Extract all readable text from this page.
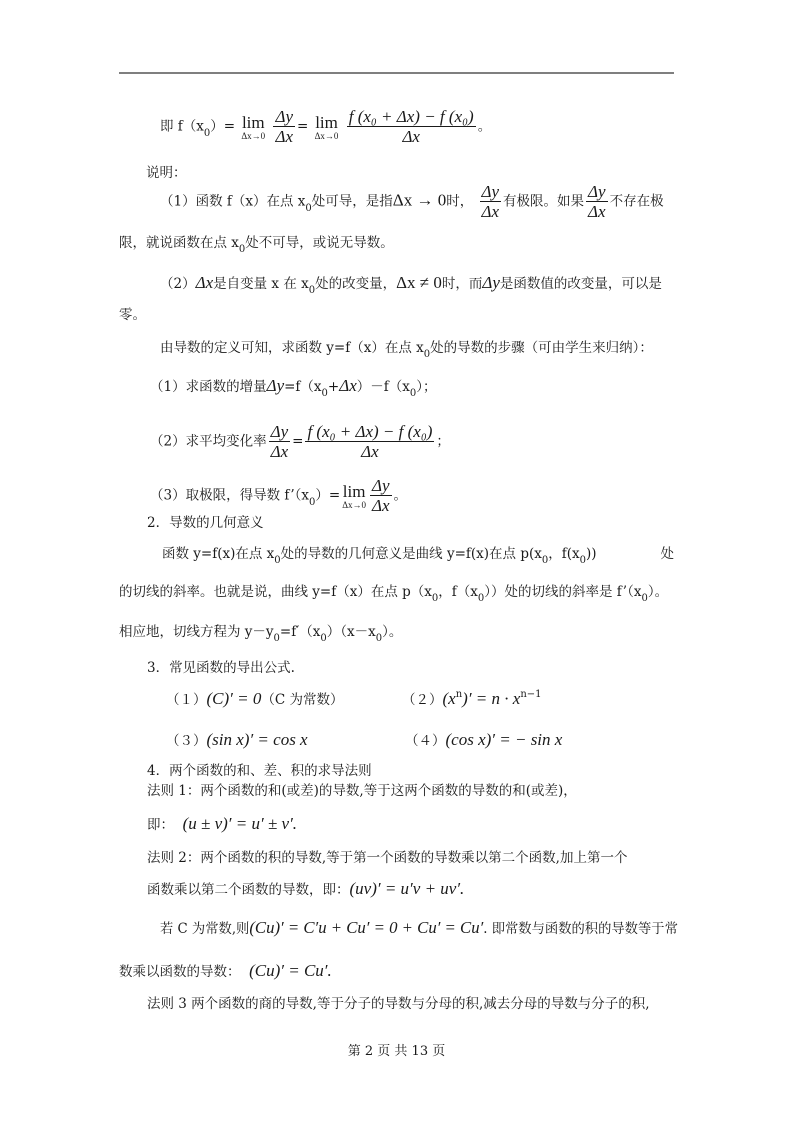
即 $f(x_0)= \lim$
Δx→0
$\frac{\Delta y}{\Delta x} = \lim$
Δx→0
$\frac{\text{f (x₀ + Δx) − f (x₀)}}{\Delta x}$ 。
说明：
（1）函数 f（x）在点 $x_0$处可导，是指Δx → 0时， $\frac{\Delta y}{\Delta x}$ 有极限。如果 $\frac{\Delta y}{\Delta x}$ 不存在极
限，就说函数在点 $x_0$处不可导，或说无导数。
（2）Δx是自变量 x 在 $x_0$处的改变量，Δx ≠ 0时，而Δy是函数值的改变量，可以是
零。
由导数的定义可知，求函数 y=f（x）在点 $x_0$处的导数的步骤（可由学生来归纳）：
（1）求函数的增量$\Delta y=f(x_0+\Delta x)-f(x_0)$；
（2）求平均变化率 $\frac{\Delta y}{\Delta x} = \frac{\text{f (x₀ + Δx) − f (x₀)}}{\Delta x}$ ；
（3）取极限，得导数 $f’(x_0)= \lim$
$\Delta x\to 0 \frac{\Delta y}{\Delta x}$ 。
2．导数的几何意义
函数 y=f(x)在点 $x_0$处的导数的几何意义是曲线 y=f(x)在点 $p(x_0$，$f(x_0)$)	处
的切线的斜率。也就是说，曲线 y=f（x）在点 $p(x_0$，$f(x_0)$）处的切线的斜率是 $f’(x_0)$。
相应地，切线方程为 $y-y_0=f'(x_0)(x-x_0)$。
3．常见函数的导出公式.
（１）(C)′ = 0（C 为常数）	$(2)(x^n)' = n \cdot x^{n-1}$
（３）(sin x)′ = cos x	（４）(cos x)′ = − sin x
4．两个函数的和、差、积的求导法则
法则 1：两个函数的和(或差)的导数,等于这两个函数的导数的和(或差)，
即： (u ± v)′ = u′ ± v′.
法则 2：两个函数的积的导数,等于第一个函数的导数乘以第二个函数,加上第一个
函数乘以第二个函数的导数，即：(uv)′ = u′v + uv′.
若 C 为常数,则(Cu)′ = C′u + Cu′ = 0 + Cu′ = Cu′. 即常数与函数的积的导数等于常
数乘以函数的导数： (Cu)′ = Cu′.
法则 3 两个函数的商的导数,等于分子的导数与分母的积,减去分母的导数与分子的积,
第 2 页 共 13 页
